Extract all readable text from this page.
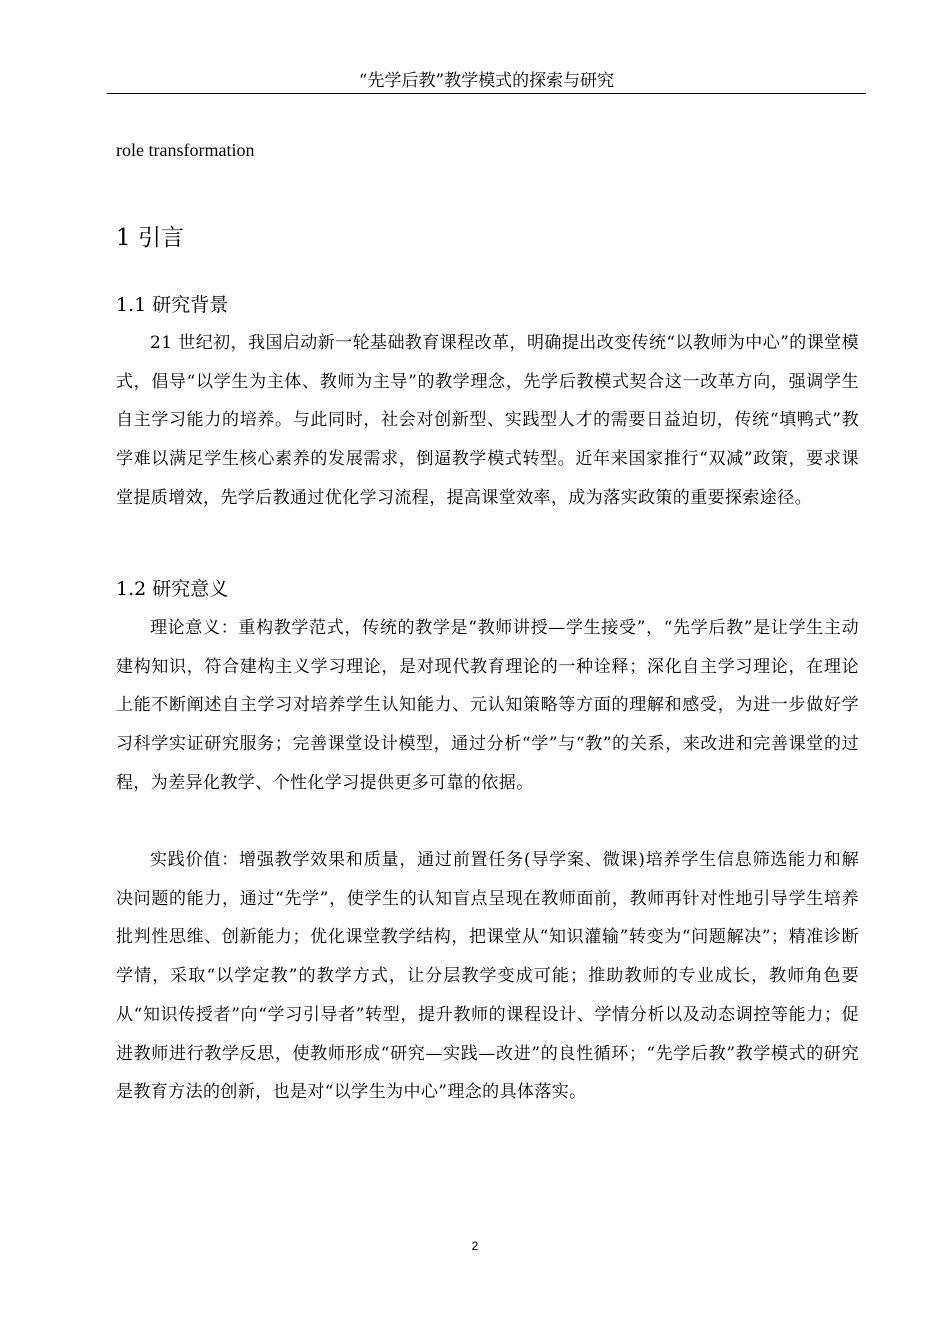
“先学后教”教学模式的探索与研究
role transformation
1 引言
1.1 研究背景

21 世纪初，我国启动新一轮基础教育课程改革，明确提出改变传统“以教师为中心”的课堂模式，倡导“以学生为主体、教师为主导”的教学理念，先学后教模式契合这一改革方向，强调学生自主学习能力的培养。与此同时，社会对创新型、实践型人才的需要日益迫切，传统“填鸭式”教学难以满足学生核心素养的发展需求，倒逼教学模式转型。近年来国家推行“双减”政策，要求课堂提质增效，先学后教通过优化学习流程，提高课堂效率，成为落实政策的重要探索途径。

1.2 研究意义

理论意义：重构教学范式，传统的教学是“教师讲授—学生接受”，“先学后教”是让学生主动建构知识，符合建构主义学习理论，是对现代教育理论的一种诠释；深化自主学习理论，在理论上能不断阐述自主学习对培养学生认知能力、元认知策略等方面的理解和感受，为进一步做好学习科学实证研究服务；完善课堂设计模型，通过分析“学”与“教”的关系，来改进和完善课堂的过程，为差异化教学、个性化学习提供更多可靠的依据。

实践价值：增强教学效果和质量，通过前置任务(导学案、微课)培养学生信息筛选能力和解决问题的能力，通过“先学”，使学生的认知盲点呈现在教师面前，教师再针对性地引导学生培养批判性思维、创新能力；优化课堂教学结构，把课堂从“知识灌输”转变为“问题解决”；精准诊断学情，采取“以学定教”的教学方式，让分层教学变成可能；推助教师的专业成长，教师角色要从“知识传授者”向“学习引导者”转型，提升教师的课程设计、学情分析以及动态调控等能力；促进教师进行教学反思，使教师形成“研究—实践—改进”的良性循环；“先学后教”教学模式的研究是教育方法的创新，也是对“以学生为中心”理念的具体落实。

2
